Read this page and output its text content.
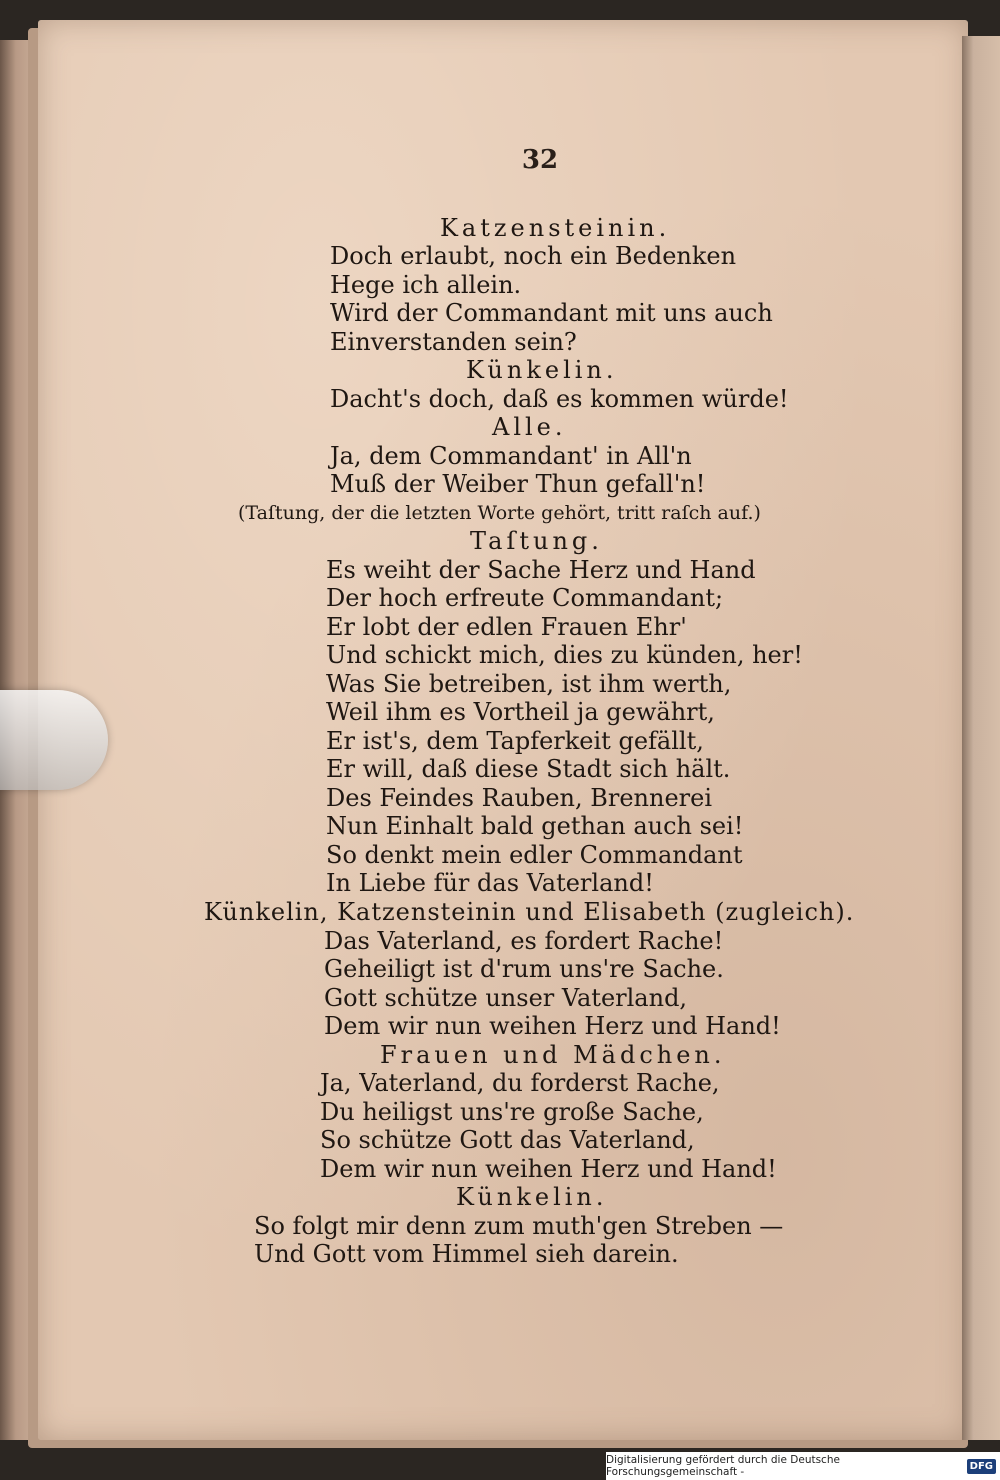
32
Katzensteinin.
Doch erlaubt, noch ein Bedenken
Hege ich allein.
Wird der Commandant mit uns auch
Einverstanden sein?
Künkelin.
Dacht's doch, daß es kommen würde!
Alle.
Ja, dem Commandant' in All'n
Muß der Weiber Thun gefall'n!
(Taſtung, der die letzten Worte gehört, tritt raſch auf.)
Taſtung.
Es weiht der Sache Herz und Hand
Der hoch erfreute Commandant;
Er lobt der edlen Frauen Ehr'
Und schickt mich, dies zu künden, her!
Was Sie betreiben, ist ihm werth,
Weil ihm es Vortheil ja gewährt,
Er ist's, dem Tapferkeit gefällt,
Er will, daß diese Stadt sich hält.
Des Feindes Rauben, Brennerei
Nun Einhalt bald gethan auch sei!
So denkt mein edler Commandant
In Liebe für das Vaterland!
Künkelin, Katzensteinin und Elisabeth (zugleich).
Das Vaterland, es fordert Rache!
Geheiligt ist d'rum uns're Sache.
Gott schütze unser Vaterland,
Dem wir nun weihen Herz und Hand!
Frauen und Mädchen.
Ja, Vaterland, du forderst Rache,
Du heiligst uns're große Sache,
So schütze Gott das Vaterland,
Dem wir nun weihen Herz und Hand!
Künkelin.
So folgt mir denn zum muth'gen Streben —
Und Gott vom Himmel sieh darein.
Digitalisierung gefördert durch die Deutsche Forschungsgemeinschaft -	DFG
